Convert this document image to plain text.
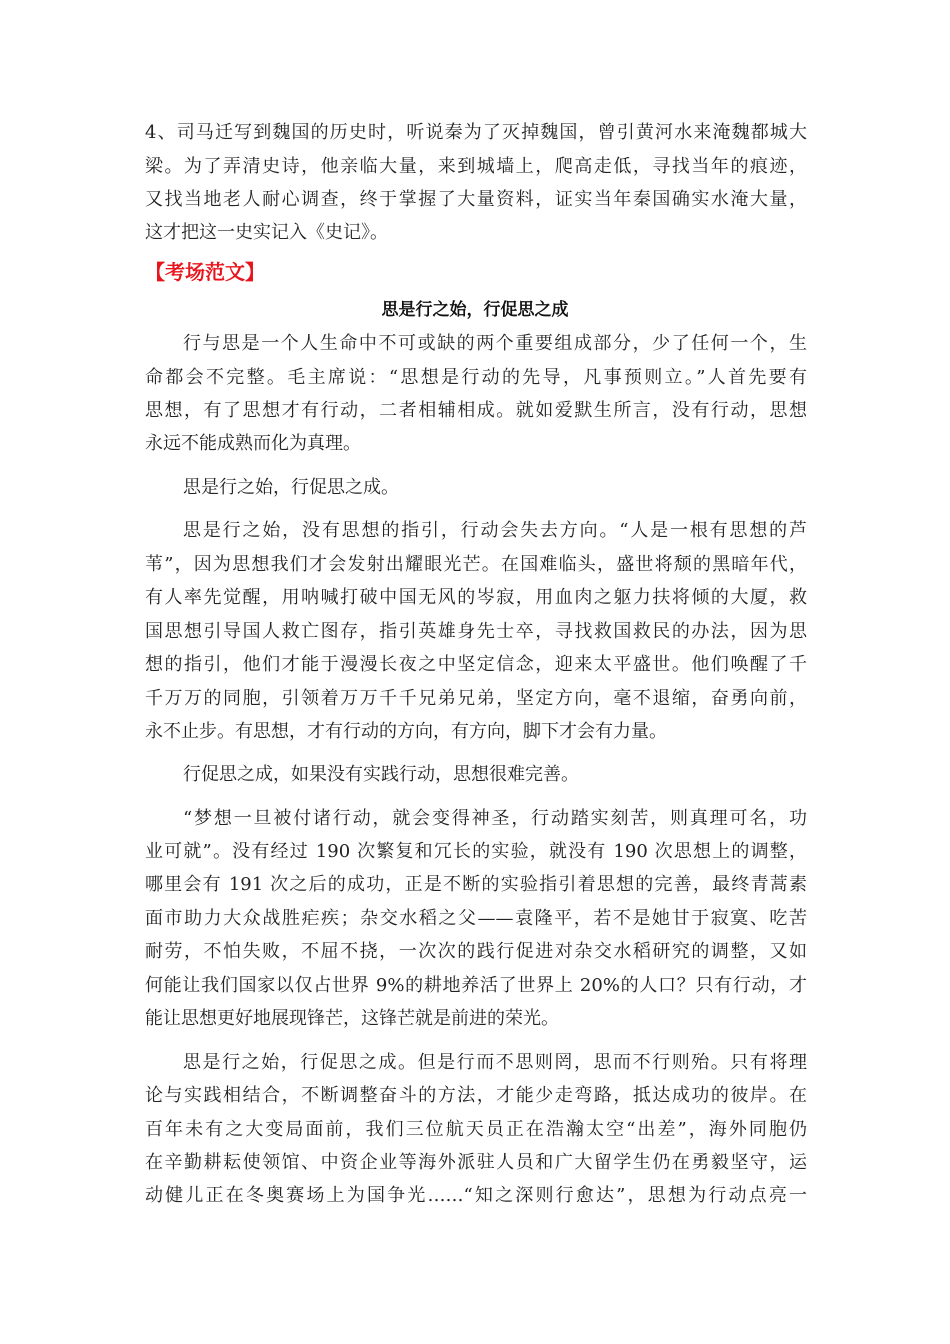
4、司马迁写到魏国的历史时，听说秦为了灭掉魏国，曾引黄河水来淹魏都城大
梁。为了弄清史诗，他亲临大量，来到城墙上，爬高走低，寻找当年的痕迹，
又找当地老人耐心调查，终于掌握了大量资料，证实当年秦国确实水淹大量，
这才把这一史实记入《史记》。
【考场范文】
思是行之始，行促思之成
行与思是一个人生命中不可或缺的两个重要组成部分，少了任何一个，生
命都会不完整。毛主席说：“思想是行动的先导，凡事预则立。”人首先要有
思想，有了思想才有行动，二者相辅相成。就如爱默生所言，没有行动，思想
永远不能成熟而化为真理。
思是行之始，行促思之成。
思是行之始，没有思想的指引，行动会失去方向。“人是一根有思想的芦
苇”，因为思想我们才会发射出耀眼光芒。在国难临头，盛世将颓的黑暗年代，
有人率先觉醒，用呐喊打破中国无风的岑寂，用血肉之躯力扶将倾的大厦，救
国思想引导国人救亡图存，指引英雄身先士卒，寻找救国救民的办法，因为思
想的指引，他们才能于漫漫长夜之中坚定信念，迎来太平盛世。他们唤醒了千
千万万的同胞，引领着万万千千兄弟兄弟，坚定方向，毫不退缩，奋勇向前，
永不止步。有思想，才有行动的方向，有方向，脚下才会有力量。
行促思之成，如果没有实践行动，思想很难完善。
“梦想一旦被付诸行动，就会变得神圣，行动踏实刻苦，则真理可名，功
业可就”。没有经过 190 次繁复和冗长的实验，就没有 190 次思想上的调整，
哪里会有 191 次之后的成功，正是不断的实验指引着思想的完善，最终青蒿素
面市助力大众战胜疟疾；杂交水稻之父——袁隆平，若不是她甘于寂寞、吃苦
耐劳，不怕失败，不屈不挠，一次次的践行促进对杂交水稻研究的调整，又如
何能让我们国家以仅占世界 9%的耕地养活了世界上 20%的人口？只有行动，才
能让思想更好地展现锋芒，这锋芒就是前进的荣光。
思是行之始，行促思之成。但是行而不思则罔，思而不行则殆。只有将理
论与实践相结合，不断调整奋斗的方法，才能少走弯路，抵达成功的彼岸。在
百年未有之大变局面前，我们三位航天员正在浩瀚太空“出差”，海外同胞仍
在辛勤耕耘使领馆、中资企业等海外派驻人员和广大留学生仍在勇毅坚守，运
动健儿正在冬奥赛场上为国争光……“知之深则行愈达”，思想为行动点亮一
